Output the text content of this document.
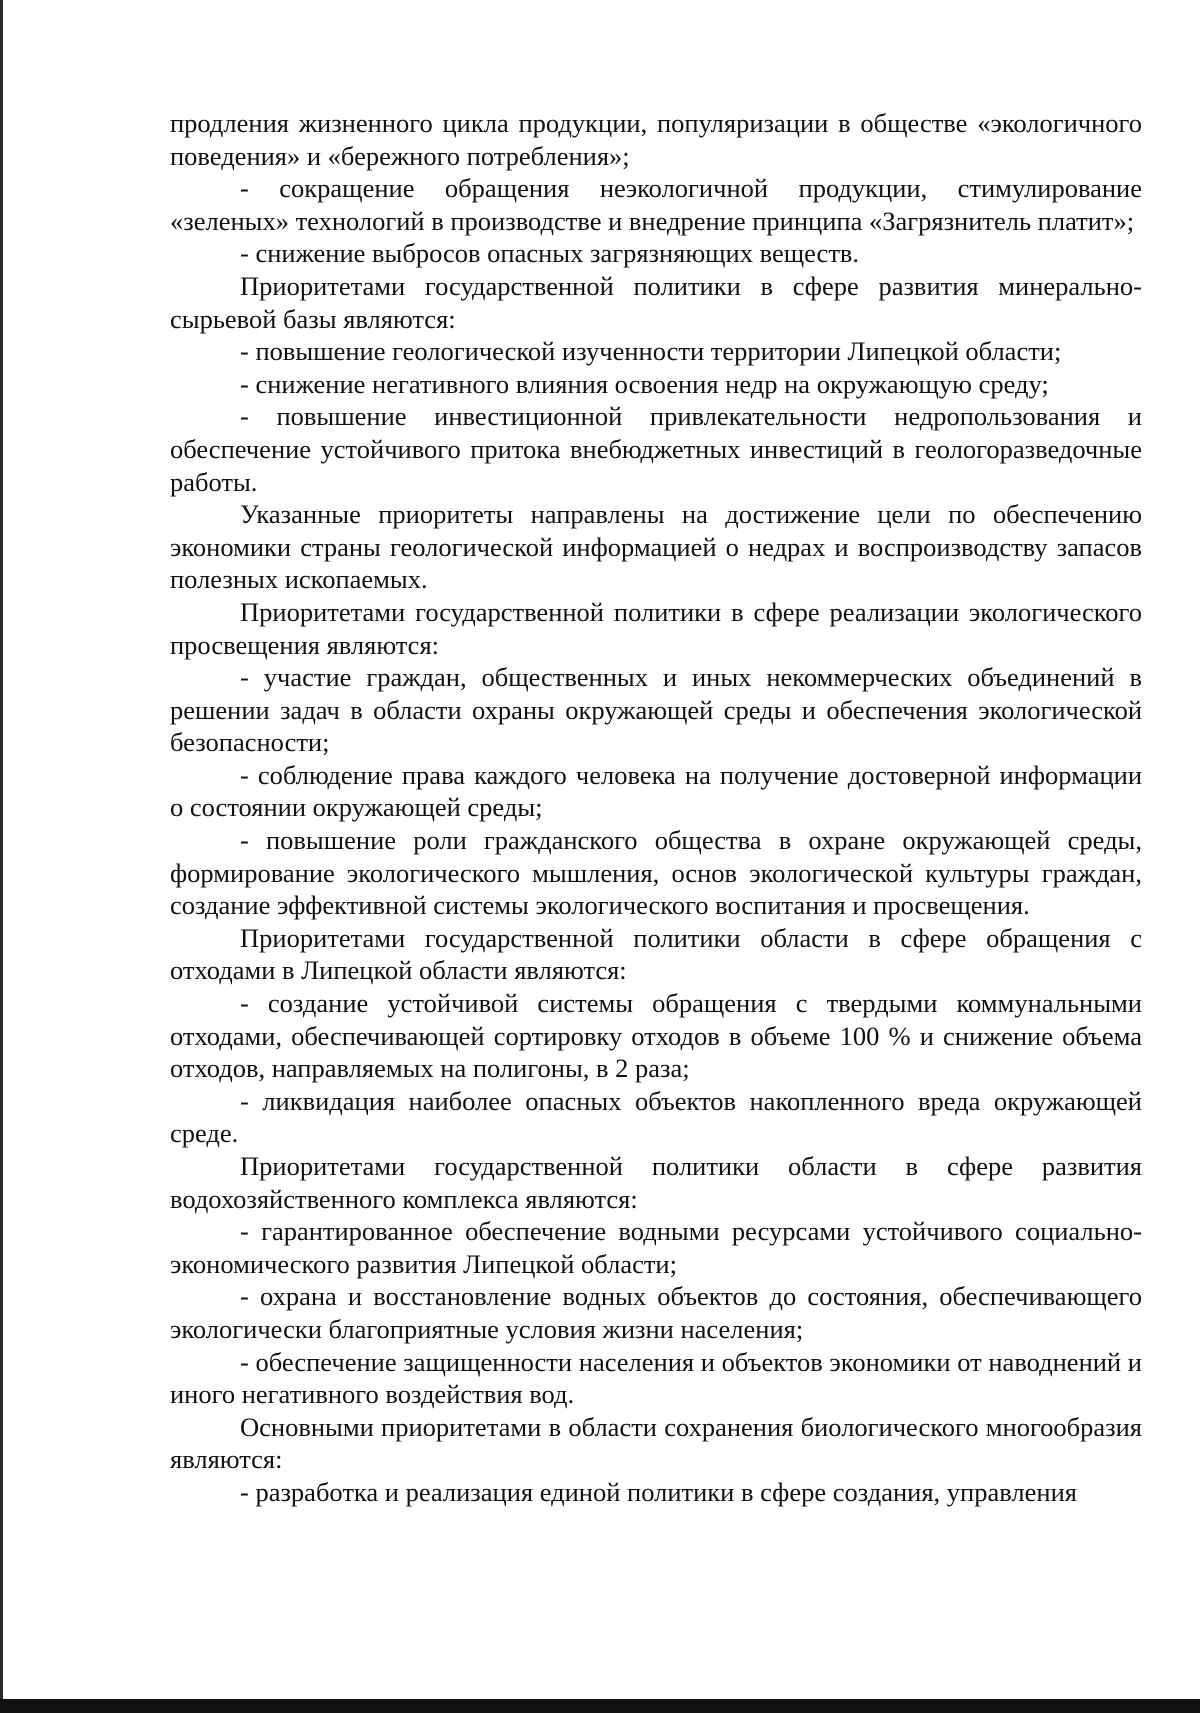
продления жизненного цикла продукции, популяризации в обществе «экологичного поведения» и «бережного потребления»;

- сокращение обращения неэкологичной продукции, стимулирование «зеленых» технологий в производстве и внедрение принципа «Загрязнитель платит»;

- снижение выбросов опасных загрязняющих веществ.

Приоритетами государственной политики в сфере развития минерально-сырьевой базы являются:

- повышение геологической изученности территории Липецкой области;

- снижение негативного влияния освоения недр на окружающую среду;

- повышение инвестиционной привлекательности недропользования и обеспечение устойчивого притока внебюджетных инвестиций в геологоразведочные работы.

Указанные приоритеты направлены на достижение цели по обеспечению экономики страны геологической информацией о недрах и воспроизводству запасов полезных ископаемых.

Приоритетами государственной политики в сфере реализации экологического просвещения являются:

- участие граждан, общественных и иных некоммерческих объединений в решении задач в области охраны окружающей среды и обеспечения экологической безопасности;

- соблюдение права каждого человека на получение достоверной информации о состоянии окружающей среды;

- повышение роли гражданского общества в охране окружающей среды, формирование экологического мышления, основ экологической культуры граждан, создание эффективной системы экологического воспитания и просвещения.

Приоритетами государственной политики области в сфере обращения с отходами в Липецкой области являются:

- создание устойчивой системы обращения с твердыми коммунальными отходами, обеспечивающей сортировку отходов в объеме 100 % и снижение объема отходов, направляемых на полигоны, в 2 раза;

- ликвидация наиболее опасных объектов накопленного вреда окружающей среде.

Приоритетами государственной политики области в сфере развития водохозяйственного комплекса являются:

- гарантированное обеспечение водными ресурсами устойчивого социально-экономического развития Липецкой области;

- охрана и восстановление водных объектов до состояния, обеспечивающего экологически благоприятные условия жизни населения;

- обеспечение защищенности населения и объектов экономики от наводнений и иного негативного воздействия вод.

Основными приоритетами в области сохранения биологического многообразия являются:

- разработка и реализация единой политики в сфере создания, управления
